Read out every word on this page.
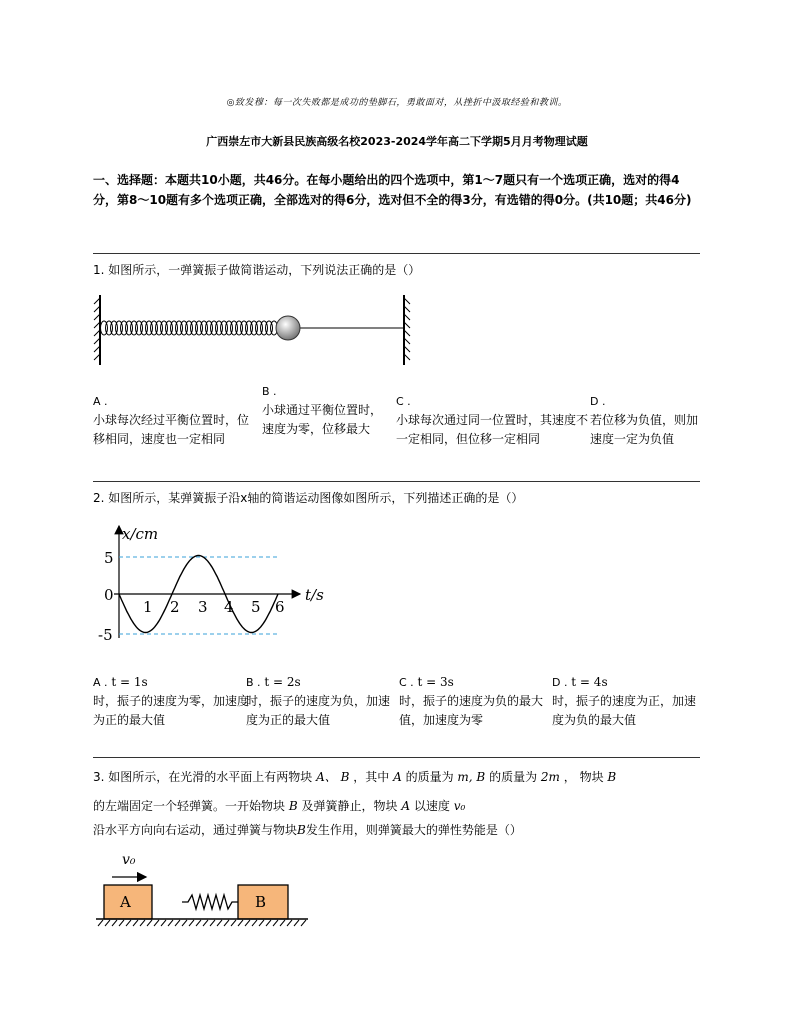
◎致发穆：每一次失败都是成功的垫脚石，勇敢面对，从挫折中汲取经验和教训。
广西崇左市大新县民族高级名校2023-2024学年高二下学期5月月考物理试题
一、选择题：本题共10小题，共46分。在每小题给出的四个选项中，第1～7题只有一个选项正确，选对的得4分，第8～10题有多个选项正确，全部选对的得6分，选对但不全的得3分，有选错的得0分。(共10题；共46分)
1. 如图所示，一弹簧振子做简谐运动，下列说法正确的是（）
A .
小球每次经过平衡位置时，位移相同，速度也一定相同
B .
小球通过平衡位置时，速度为零，位移最大
C .
小球每次通过同一位置时，其速度不一定相同，但位移一定相同
D .
若位移为负值，则加速度一定为负值
2. 如图所示，某弹簧振子沿x轴的简谐运动图像如图所示，下列描述正确的是（）
x/cm
t/s
5
0
-5
1 2 3 4 5 6
A . t = 1s
时，振子的速度为零，加速度为正的最大值
B . t = 2s
时，振子的速度为负，加速度为正的最大值
C . t = 3s
时，振子的速度为负的最大值，加速度为零
D . t = 4s
时，振子的速度为正，加速度为负的最大值
3. 如图所示，在光滑的水平面上有两物块 A、 B ，其中 A 的质量为 m, B 的质量为 2m ， 物块 B
的左端固定一个轻弹簧。一开始物块 B 及弹簧静止，物块 A 以速度 v₀
沿水平方向向右运动，通过弹簧与物块B发生作用，则弹簧最大的弹性势能是（）
v₀
A	B
